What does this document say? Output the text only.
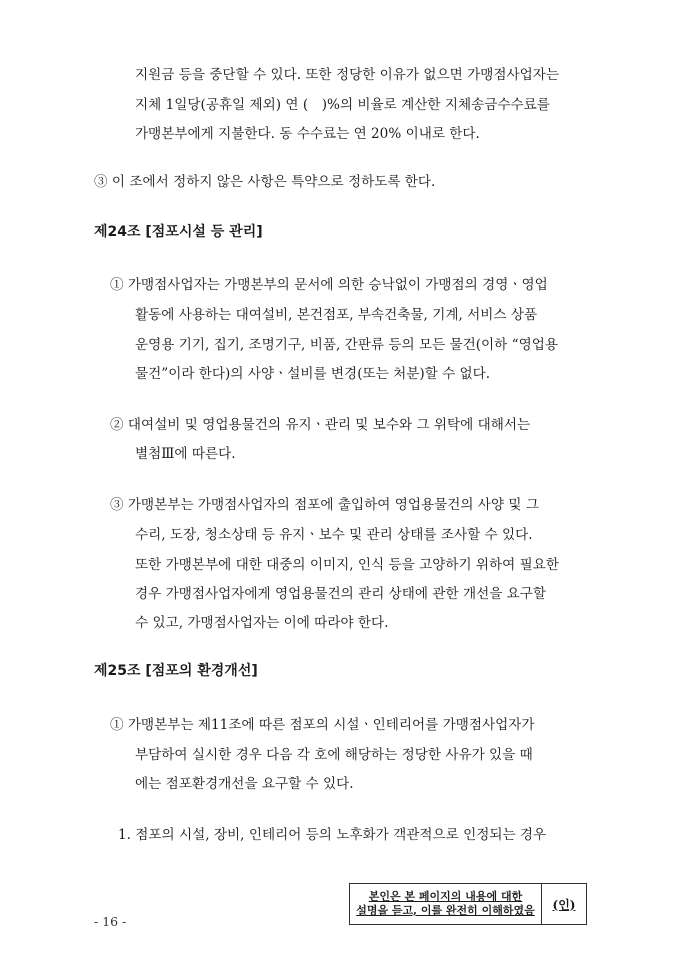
지원금 등을 중단할 수 있다. 또한 정당한 이유가 없으면 가맹점사업자는
지체 1일당(공휴일 제외) 연 (　)%의 비율로 계산한 지체송금수수료를
가맹본부에게 지불한다. 동 수수료는 연 20% 이내로 한다.
③ 이 조에서 정하지 않은 사항은 특약으로 정하도록 한다.
제24조 [점포시설 등 관리]
① 가맹점사업자는 가맹본부의 문서에 의한 승낙없이 가맹점의 경영ㆍ영업
활동에 사용하는 대여설비, 본건점포, 부속건축물, 기계, 서비스 상품
운영용 기기, 집기, 조명기구, 비품, 간판류 등의 모든 물건(이하 “영업용
물건”이라 한다)의 사양ㆍ설비를 변경(또는 처분)할 수 없다.
② 대여설비 및 영업용물건의 유지ㆍ관리 및 보수와 그 위탁에 대해서는
별첨Ⅲ에 따른다.
③ 가맹본부는 가맹점사업자의 점포에 출입하여 영업용물건의 사양 및 그
수리, 도장, 청소상태 등 유지ㆍ보수 및 관리 상태를 조사할 수 있다.
또한 가맹본부에 대한 대중의 이미지, 인식 등을 고양하기 위하여 필요한
경우 가맹점사업자에게 영업용물건의 관리 상태에 관한 개선을 요구할
수 있고, 가맹점사업자는 이에 따라야 한다.
제25조 [점포의 환경개선]
① 가맹본부는 제11조에 따른 점포의 시설ㆍ인테리어를 가맹점사업자가
부담하여 실시한 경우 다음 각 호에 해당하는 정당한 사유가 있을 때
에는 점포환경개선을 요구할 수 있다.
1. 점포의 시설, 장비, 인테리어 등의 노후화가 객관적으로 인정되는 경우
- 16 -
본인은 본 페이지의 내용에 대한
설명을 듣고, 이를 완전히 이해하였음	(인)
